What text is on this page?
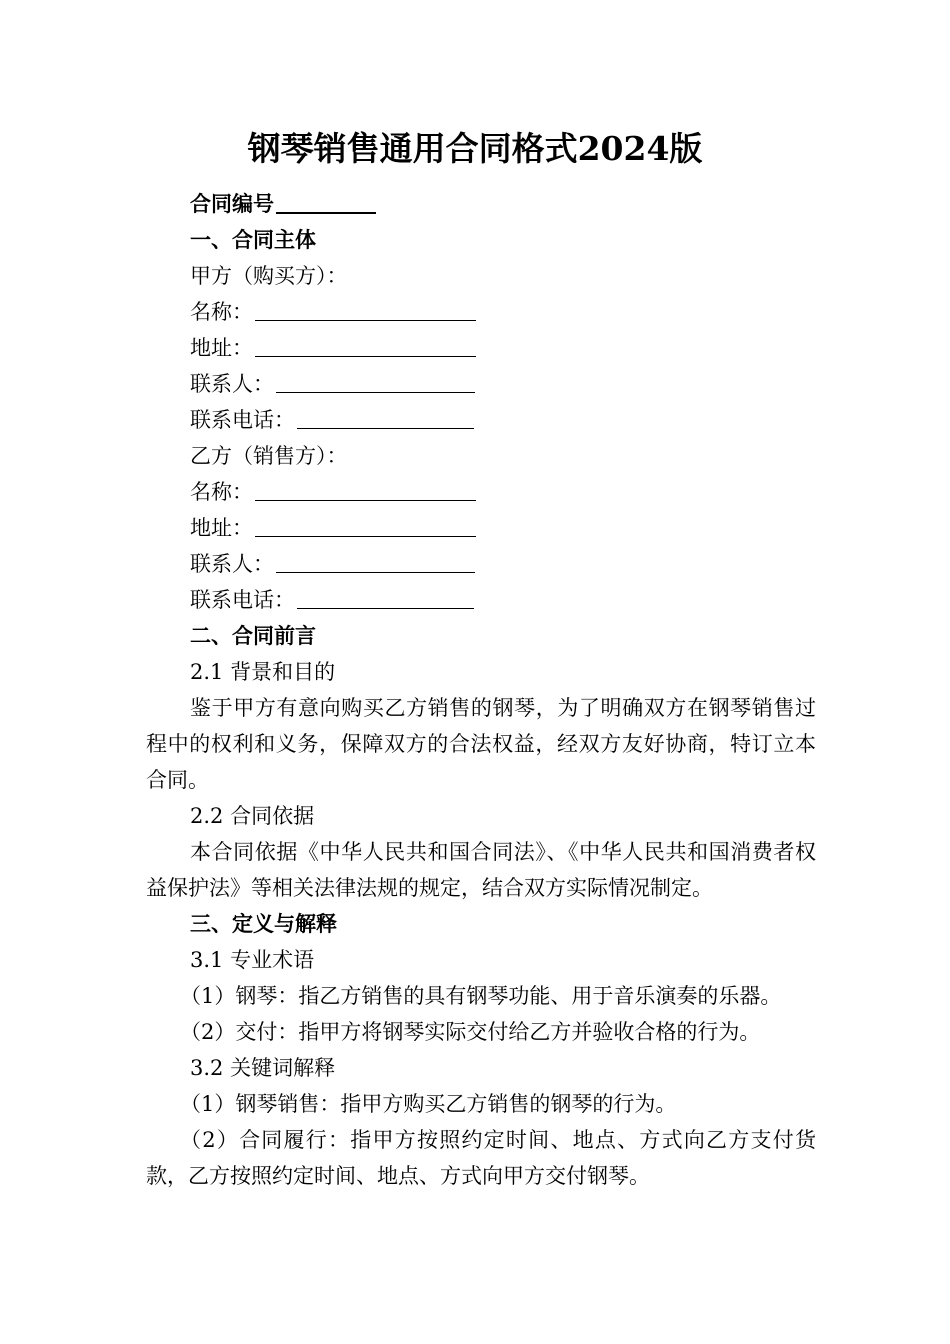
钢琴销售通用合同格式2024版
合同编号
一、合同主体
甲方（购买方）：
名称：
地址：
联系人：
联系电话：
乙方（销售方）：
名称：
地址：
联系人：
联系电话：
二、合同前言
2.1 背景和目的

鉴于甲方有意向购买乙方销售的钢琴，为了明确双方在钢琴销售过程中的权利和义务，保障双方的合法权益，经双方友好协商，特订立本合同。

2.2 合同依据

本合同依据《中华人民共和国合同法》、《中华人民共和国消费者权益保护法》等相关法律法规的规定，结合双方实际情况制定。

三、定义与解释
3.1 专业术语

（1）钢琴：指乙方销售的具有钢琴功能、用于音乐演奏的乐器。

（2）交付：指甲方将钢琴实际交付给乙方并验收合格的行为。

3.2 关键词解释

（1）钢琴销售：指甲方购买乙方销售的钢琴的行为。

（2）合同履行：指甲方按照约定时间、地点、方式向乙方支付货款，乙方按照约定时间、地点、方式向甲方交付钢琴。
